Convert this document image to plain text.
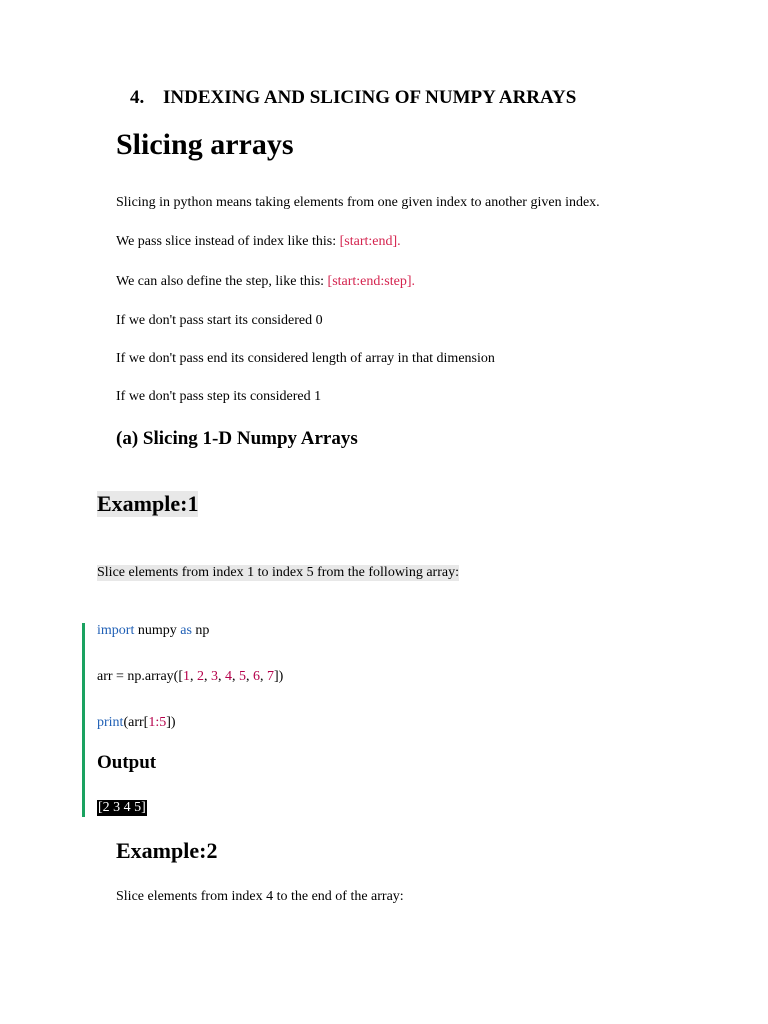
4. INDEXING AND SLICING OF NUMPY ARRAYS
Slicing arrays
Slicing in python means taking elements from one given index to another given index.
We pass slice instead of index like this: [start:end].
We can also define the step, like this: [start:end:step].
If we don't pass start its considered 0
If we don't pass end its considered length of array in that dimension
If we don't pass step its considered 1
(a) Slicing 1-D Numpy Arrays
Example:1
Slice elements from index 1 to index 5 from the following array:
import numpy as np
arr = np.array([1, 2, 3, 4, 5, 6, 7])
print(arr[1:5])
Output
[2 3 4 5]
Example:2
Slice elements from index 4 to the end of the array:
